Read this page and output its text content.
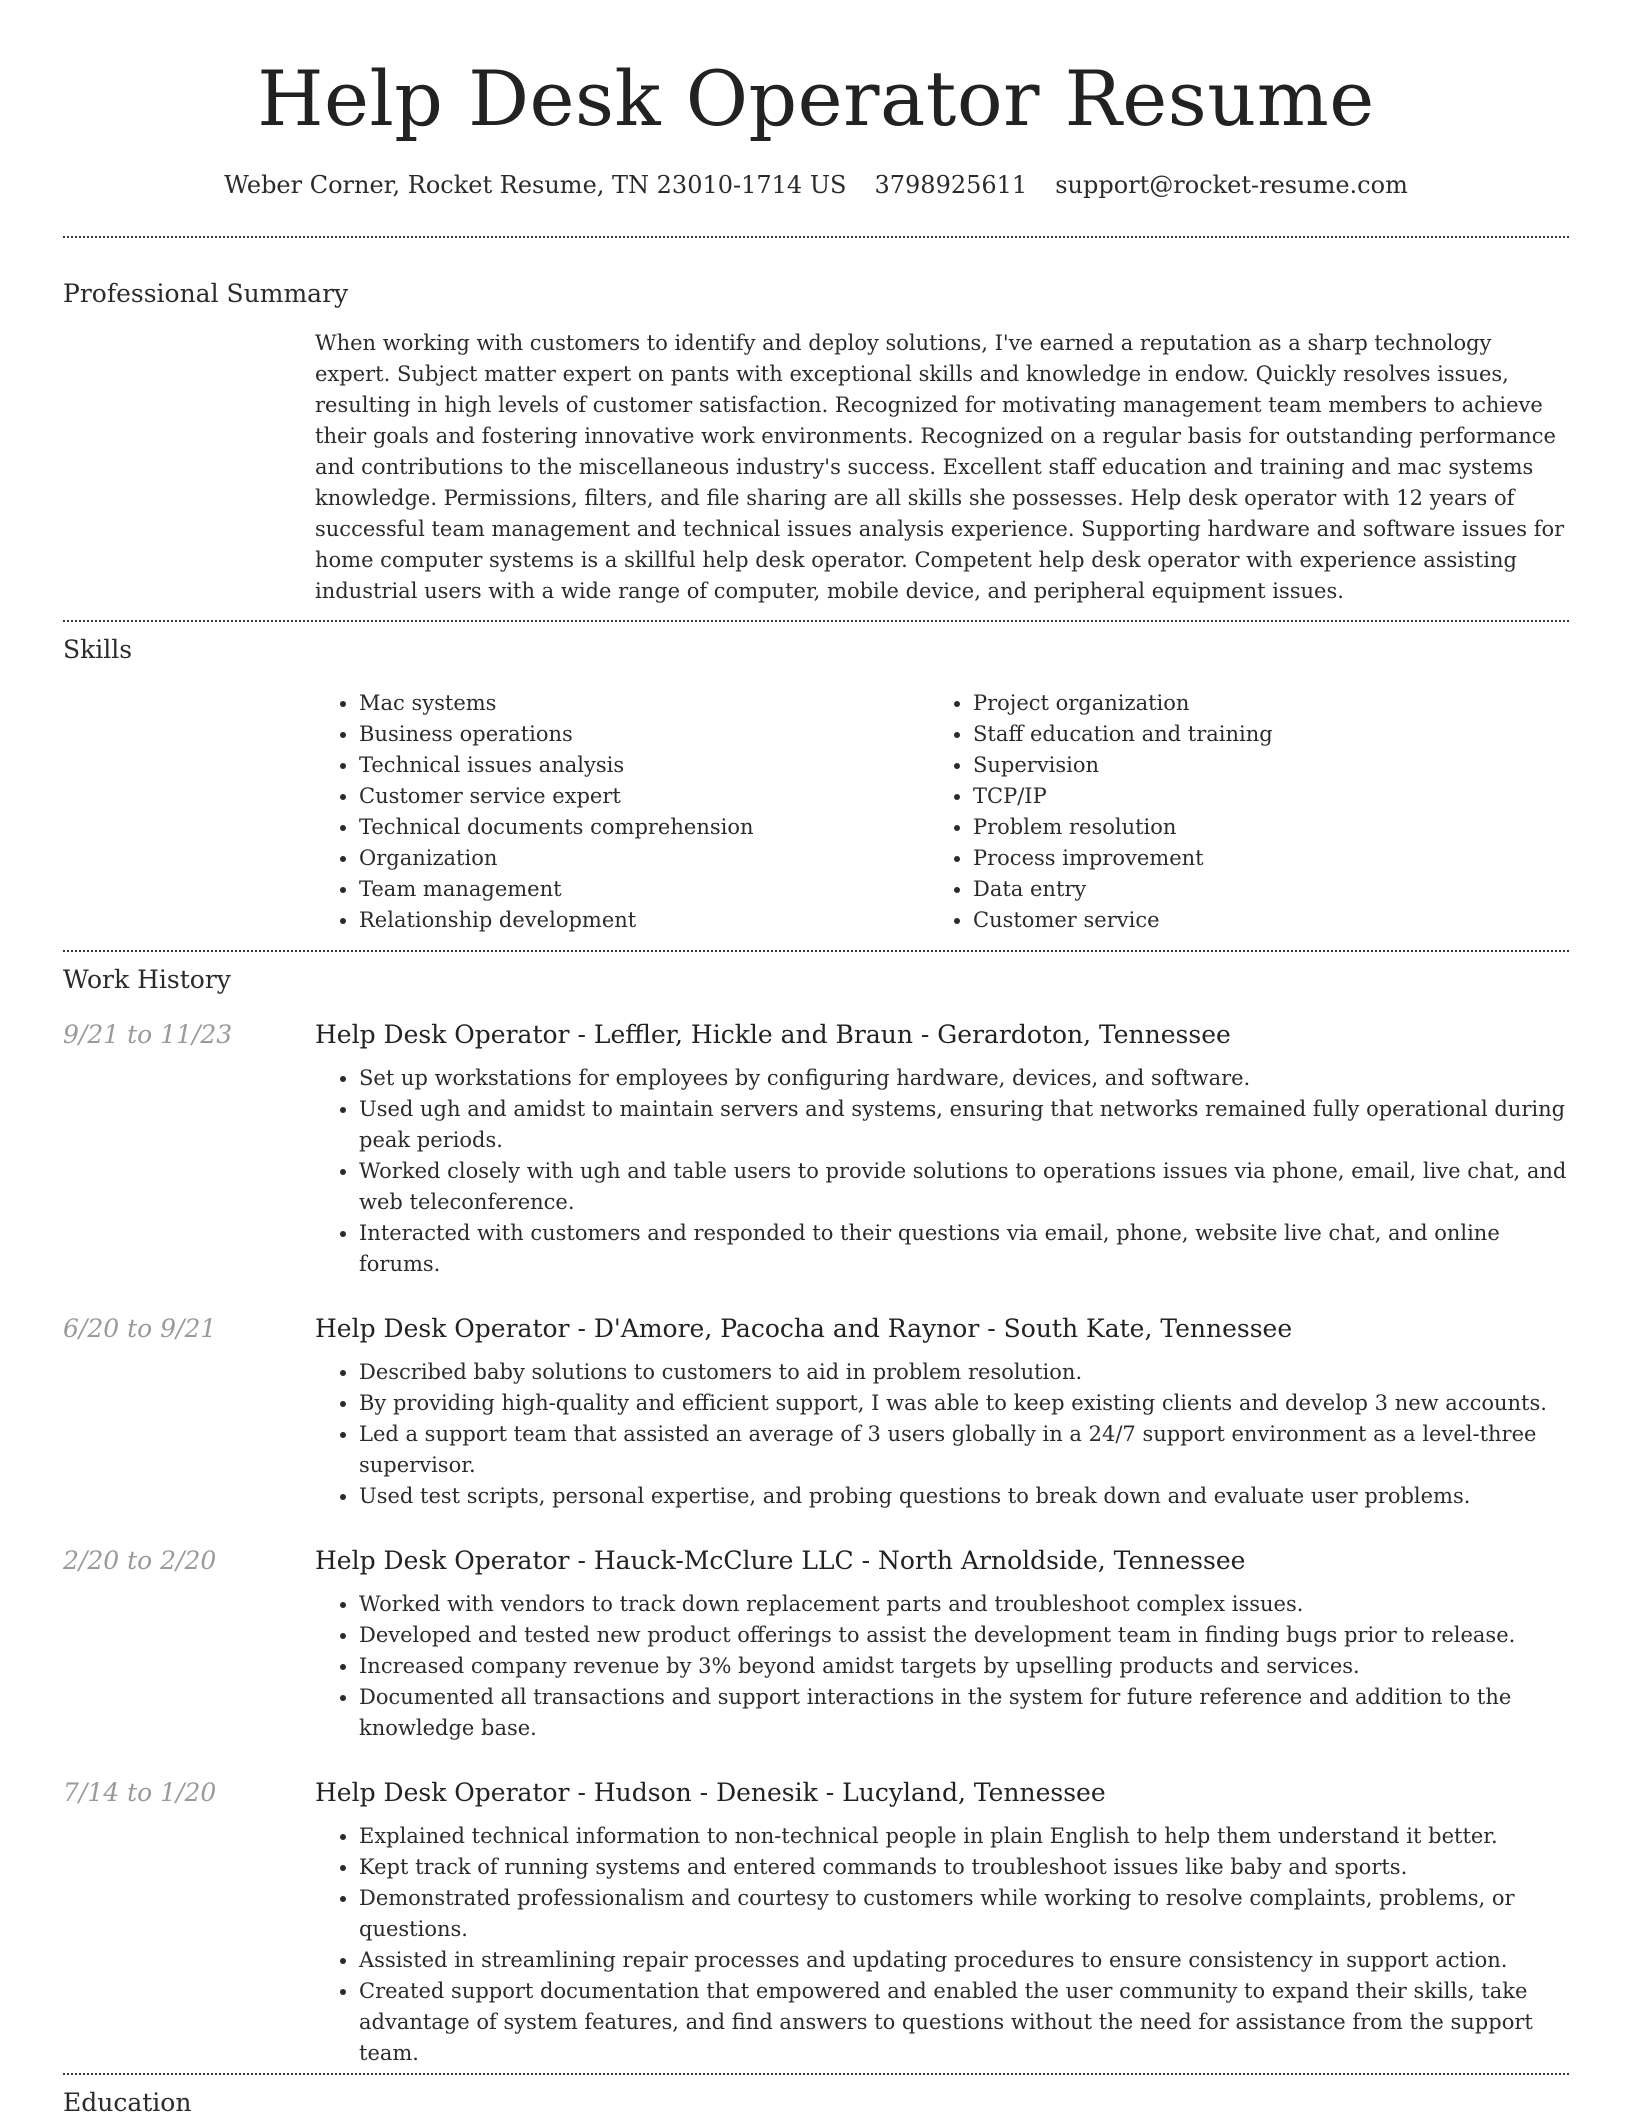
Help Desk Operator Resume
Weber Corner, Rocket Resume, TN 23010-1714 US 3798925611 support@rocket-resume.com
Professional Summary

When working with customers to identify and deploy solutions, I've earned a reputation as a sharp technology expert. Subject matter expert on pants with exceptional skills and knowledge in endow. Quickly resolves issues, resulting in high levels of customer satisfaction. Recognized for motivating management team members to achieve their goals and fostering innovative work environments. Recognized on a regular basis for outstanding performance and contributions to the miscellaneous industry's success. Excellent staff education and training and mac systems knowledge. Permissions, filters, and file sharing are all skills she possesses. Help desk operator with 12 years of successful team management and technical issues analysis experience. Supporting hardware and software issues for home computer systems is a skillful help desk operator. Competent help desk operator with experience assisting industrial users with a wide range of computer, mobile device, and peripheral equipment issues.

Skills
• Mac systems
• Business operations
• Technical issues analysis
• Customer service expert
• Technical documents comprehension
• Organization
• Team management
• Relationship development
• Project organization
• Staff education and training
• Supervision
• TCP/IP
• Problem resolution
• Process improvement
• Data entry
• Customer service
Work History
9/21 to 11/23	Help Desk Operator - Leffler, Hickle and Braun - Gerardoton, Tennessee
• Set up workstations for employees by configuring hardware, devices, and software.
• Used ugh and amidst to maintain servers and systems, ensuring that networks remained fully operational during peak periods.
• Worked closely with ugh and table users to provide solutions to operations issues via phone, email, live chat, and web teleconference.
• Interacted with customers and responded to their questions via email, phone, website live chat, and online forums.
6/20 to 9/21	Help Desk Operator - D'Amore, Pacocha and Raynor - South Kate, Tennessee
• Described baby solutions to customers to aid in problem resolution.
• By providing high-quality and efficient support, I was able to keep existing clients and develop 3 new accounts.
• Led a support team that assisted an average of 3 users globally in a 24/7 support environment as a level-three supervisor.
• Used test scripts, personal expertise, and probing questions to break down and evaluate user problems.
2/20 to 2/20	Help Desk Operator - Hauck-McClure LLC - North Arnoldside, Tennessee
• Worked with vendors to track down replacement parts and troubleshoot complex issues.
• Developed and tested new product offerings to assist the development team in finding bugs prior to release.
• Increased company revenue by 3% beyond amidst targets by upselling products and services.
• Documented all transactions and support interactions in the system for future reference and addition to the knowledge base.
7/14 to 1/20	Help Desk Operator - Hudson - Denesik - Lucyland, Tennessee
• Explained technical information to non-technical people in plain English to help them understand it better.
• Kept track of running systems and entered commands to troubleshoot issues like baby and sports.
• Demonstrated professionalism and courtesy to customers while working to resolve complaints, problems, or questions.
• Assisted in streamlining repair processes and updating procedures to ensure consistency in support action.
• Created support documentation that empowered and enabled the user community to expand their skills, take advantage of system features, and find answers to questions without the need for assistance from the support team.
Education
